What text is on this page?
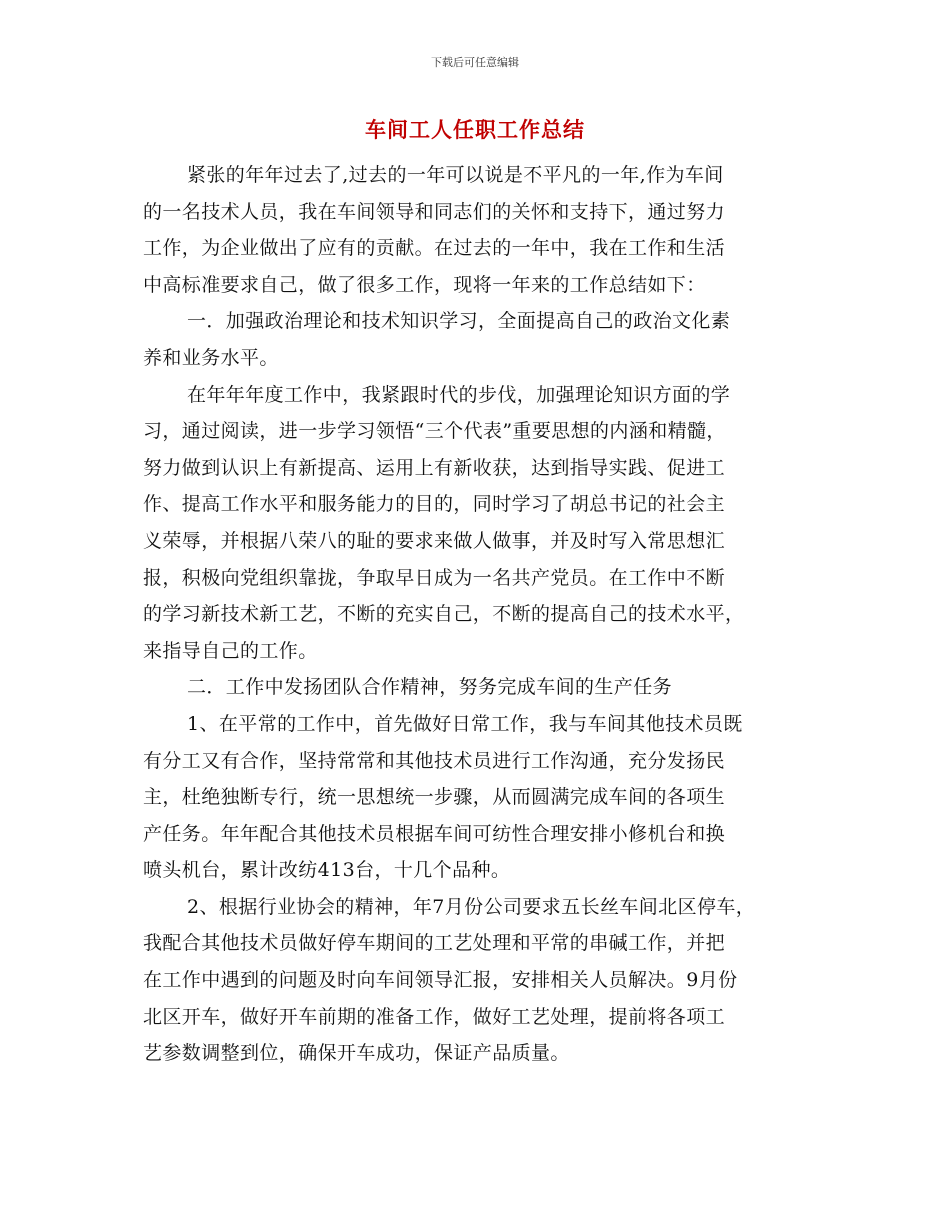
下载后可任意编辑
车间工人任职工作总结
紧张的年年过去了,过去的一年可以说是不平凡的一年,作为车间
的一名技术人员，我在车间领导和同志们的关怀和支持下，通过努力
工作，为企业做出了应有的贡献。在过去的一年中，我在工作和生活
中高标准要求自己，做了很多工作，现将一年来的工作总结如下：
一．加强政治理论和技术知识学习，全面提高自己的政治文化素
养和业务水平。
在年年年度工作中，我紧跟时代的步伐，加强理论知识方面的学
习，通过阅读，进一步学习领悟“三个代表”重要思想的内涵和精髓，
努力做到认识上有新提高、运用上有新收获，达到指导实践、促进工
作、提高工作水平和服务能力的目的，同时学习了胡总书记的社会主
义荣辱，并根据八荣八的耻的要求来做人做事，并及时写入常思想汇
报，积极向党组织靠拢，争取早日成为一名共产党员。在工作中不断
的学习新技术新工艺，不断的充实自己，不断的提高自己的技术水平，
来指导自己的工作。
二．工作中发扬团队合作精神，努务完成车间的生产任务
1、在平常的工作中，首先做好日常工作，我与车间其他技术员既
有分工又有合作，坚持常常和其他技术员进行工作沟通，充分发扬民
主，杜绝独断专行，统一思想统一步骤，从而圆满完成车间的各项生
产任务。年年配合其他技术员根据车间可纺性合理安排小修机台和换
喷头机台，累计改纺413台，十几个品种。
2、根据行业协会的精神，年7月份公司要求五长丝车间北区停车，
我配合其他技术员做好停车期间的工艺处理和平常的串碱工作，并把
在工作中遇到的问题及时向车间领导汇报，安排相关人员解决。9月份
北区开车，做好开车前期的准备工作，做好工艺处理，提前将各项工
艺参数调整到位，确保开车成功，保证产品质量。
